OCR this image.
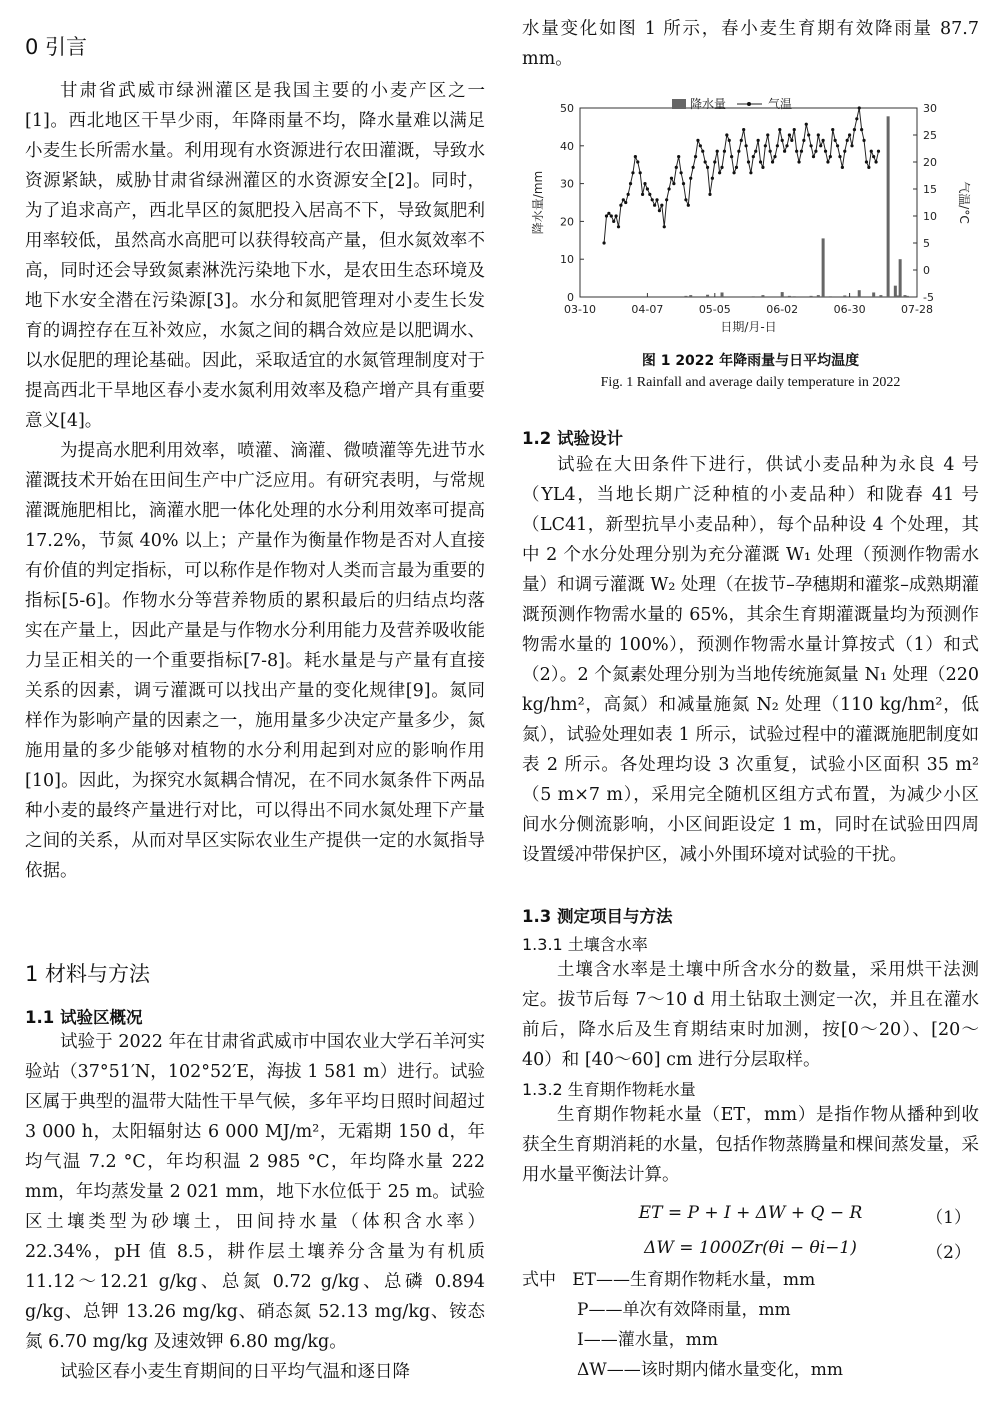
0 引言

甘肃省武威市绿洲灌区是我国主要的小麦产区之一[1]。西北地区干旱少雨，年降雨量不均，降水量难以满足小麦生长所需水量。利用现有水资源进行农田灌溉，导致水资源紧缺，威胁甘肃省绿洲灌区的水资源安全[2]。同时，为了追求高产，西北旱区的氮肥投入居高不下，导致氮肥利用率较低，虽然高水高肥可以获得较高产量，但水氮效率不高，同时还会导致氮素淋洗污染地下水，是农田生态环境及地下水安全潜在污染源[3]。水分和氮肥管理对小麦生长发育的调控存在互补效应，水氮之间的耦合效应是以肥调水、以水促肥的理论基础。因此，采取适宜的水氮管理制度对于提高西北干旱地区春小麦水氮利用效率及稳产增产具有重要意义[4]。

为提高水肥利用效率，喷灌、滴灌、微喷灌等先进节水灌溉技术开始在田间生产中广泛应用。有研究表明，与常规灌溉施肥相比，滴灌水肥一体化处理的水分利用效率可提高 17.2%，节氮 40% 以上；产量作为衡量作物是否对人直接有价值的判定指标，可以称作是作物对人类而言最为重要的指标[5-6]。作物水分等营养物质的累积最后的归结点均落实在产量上，因此产量是与作物水分利用能力及营养吸收能力呈正相关的一个重要指标[7-8]。耗水量是与产量有直接关系的因素，调亏灌溉可以找出产量的变化规律[9]。氮同样作为影响产量的因素之一，施用量多少决定产量多少，氮施用量的多少能够对植物的水分利用起到对应的影响作用[10]。因此，为探究水氮耦合情况，在不同水氮条件下两品种小麦的最终产量进行对比，可以得出不同水氮处理下产量之间的关系，从而对旱区实际农业生产提供一定的水氮指导依据。

1 材料与方法
1.1 试验区概况

试验于 2022 年在甘肃省武威市中国农业大学石羊河实验站（37°51′N，102°52′E，海拔 1 581 m）进行。试验区属于典型的温带大陆性干旱气候，多年平均日照时间超过 3 000 h，太阳辐射达 6 000 MJ/m²，无霜期 150 d，年均气温 7.2 °C，年均积温 2 985 °C，年均降水量 222 mm，年均蒸发量 2 021 mm，地下水位低于 25 m。试验区土壤类型为砂壤土，田间持水量（体积含水率）22.34%，pH 值 8.5，耕作层土壤养分含量为有机质 11.12～12.21 g/kg、总氮 0.72 g/kg、总磷 0.894 g/kg、总钾 13.26 mg/kg、硝态氮 52.13 mg/kg、铵态氮 6.70 mg/kg 及速效钾 6.80 mg/kg。

试验区春小麦生育期间的日平均气温和逐日降

水量变化如图 1 所示，春小麦生育期有效降雨量 87.7 mm。

0
10
20
30
40
50
-5
0
5
10
15
20
25
30
03-10	04-07	05-05	06-02	06-30	07-28
日期/月-日
降水量/mm	气温/°C
降水量	气温
图 1 2022 年降雨量与日平均温度
Fig. 1 Rainfall and average daily temperature in 2022
1.2 试验设计

试验在大田条件下进行，供试小麦品种为永良 4 号（YL4，当地长期广泛种植的小麦品种）和陇春 41 号（LC41，新型抗旱小麦品种），每个品种设 4 个处理，其中 2 个水分处理分别为充分灌溉 W₁ 处理（预测作物需水量）和调亏灌溉 W₂ 处理（在拔节–孕穗期和灌浆–成熟期灌溉预测作物需水量的 65%，其余生育期灌溉量均为预测作物需水量的 100%），预测作物需水量计算按式（1）和式（2）。2 个氮素处理分别为当地传统施氮量 N₁ 处理（220 kg/hm²，高氮）和减量施氮 N₂ 处理（110 kg/hm²，低氮），试验处理如表 1 所示，试验过程中的灌溉施肥制度如表 2 所示。各处理均设 3 次重复，试验小区面积 35 m²（5 m×7 m），采用完全随机区组方式布置，为减少小区间水分侧流影响，小区间距设定 1 m，同时在试验田四周设置缓冲带保护区，减小外围环境对试验的干扰。

1.3 测定项目与方法
1.3.1 土壤含水率

土壤含水率是土壤中所含水分的数量，采用烘干法测定。拔节后每 7～10 d 用土钻取土测定一次，并且在灌水前后，降水后及生育期结束时加测，按[0～20）、[20～40）和 [40～60] cm 进行分层取样。

1.3.2 生育期作物耗水量

生育期作物耗水量（ET，mm）是指作物从播种到收获全生育期消耗的水量，包括作物蒸腾量和棵间蒸发量，采用水量平衡法计算。

ET = P + I + ΔW + Q − R	（1）
ΔW = 1000Zr(θi − θi−1)	（2）
式中 ET——生育期作物耗水量，mm
P——单次有效降雨量，mm
I——灌水量，mm
ΔW——该时期内储水量变化，mm
